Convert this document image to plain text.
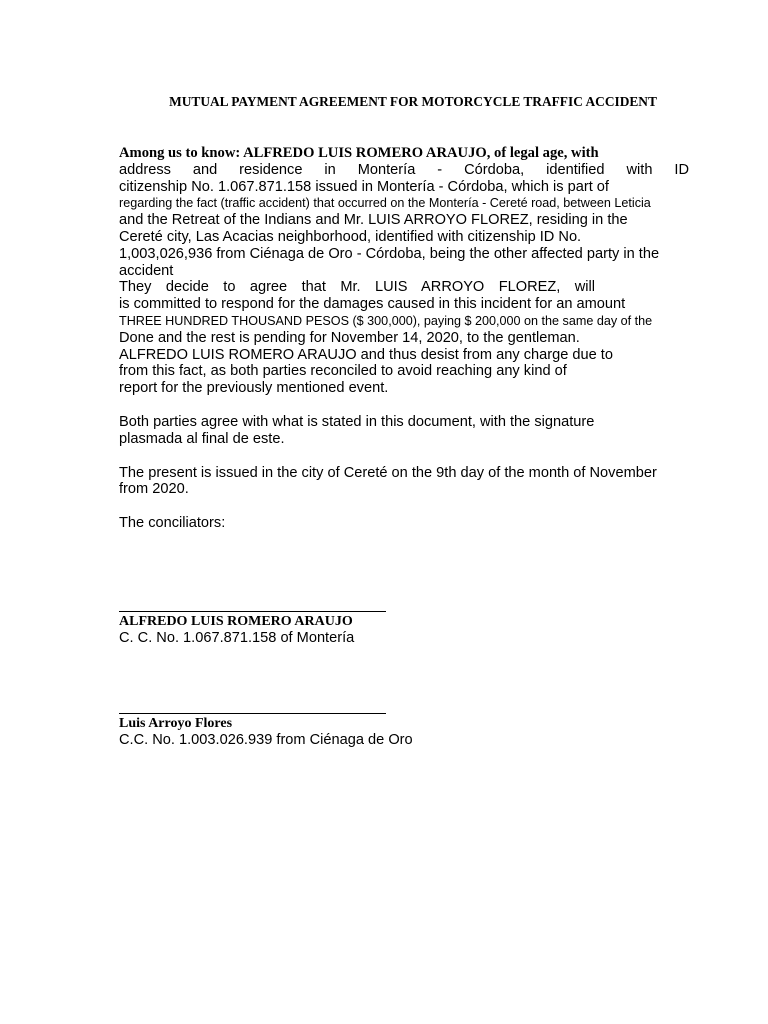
MUTUAL PAYMENT AGREEMENT FOR MOTORCYCLE TRAFFIC ACCIDENT
Among us to know: ALFREDO LUIS ROMERO ARAUJO, of legal age, with
address and residence in Montería - Córdoba, identified with ID
citizenship No. 1.067.871.158 issued in Montería - Córdoba, which is part of
regarding the fact (traffic accident) that occurred on the Montería - Cereté road, between Leticia
and the Retreat of the Indians and Mr. LUIS ARROYO FLOREZ, residing in the
Cereté city, Las Acacias neighborhood, identified with citizenship ID No.
1,003,026,936 from Ciénaga de Oro - Córdoba, being the other affected party in the
accident
They decide to agree that Mr. LUIS ARROYO FLOREZ, will
is committed to respond for the damages caused in this incident for an amount
THREE HUNDRED THOUSAND PESOS ($ 300,000), paying $ 200,000 on the same day of the
Done and the rest is pending for November 14, 2020, to the gentleman.
ALFREDO LUIS ROMERO ARAUJO and thus desist from any charge due to
from this fact, as both parties reconciled to avoid reaching any kind of
report for the previously mentioned event.
Both parties agree with what is stated in this document, with the signature
plasmada al final de este.
The present is issued in the city of Cereté on the 9th day of the month of November
from 2020.
The conciliators:
ALFREDO LUIS ROMERO ARAUJO
C. C. No. 1.067.871.158 of Montería
Luis Arroyo Flores
C.C. No. 1.003.026.939 from Ciénaga de Oro
